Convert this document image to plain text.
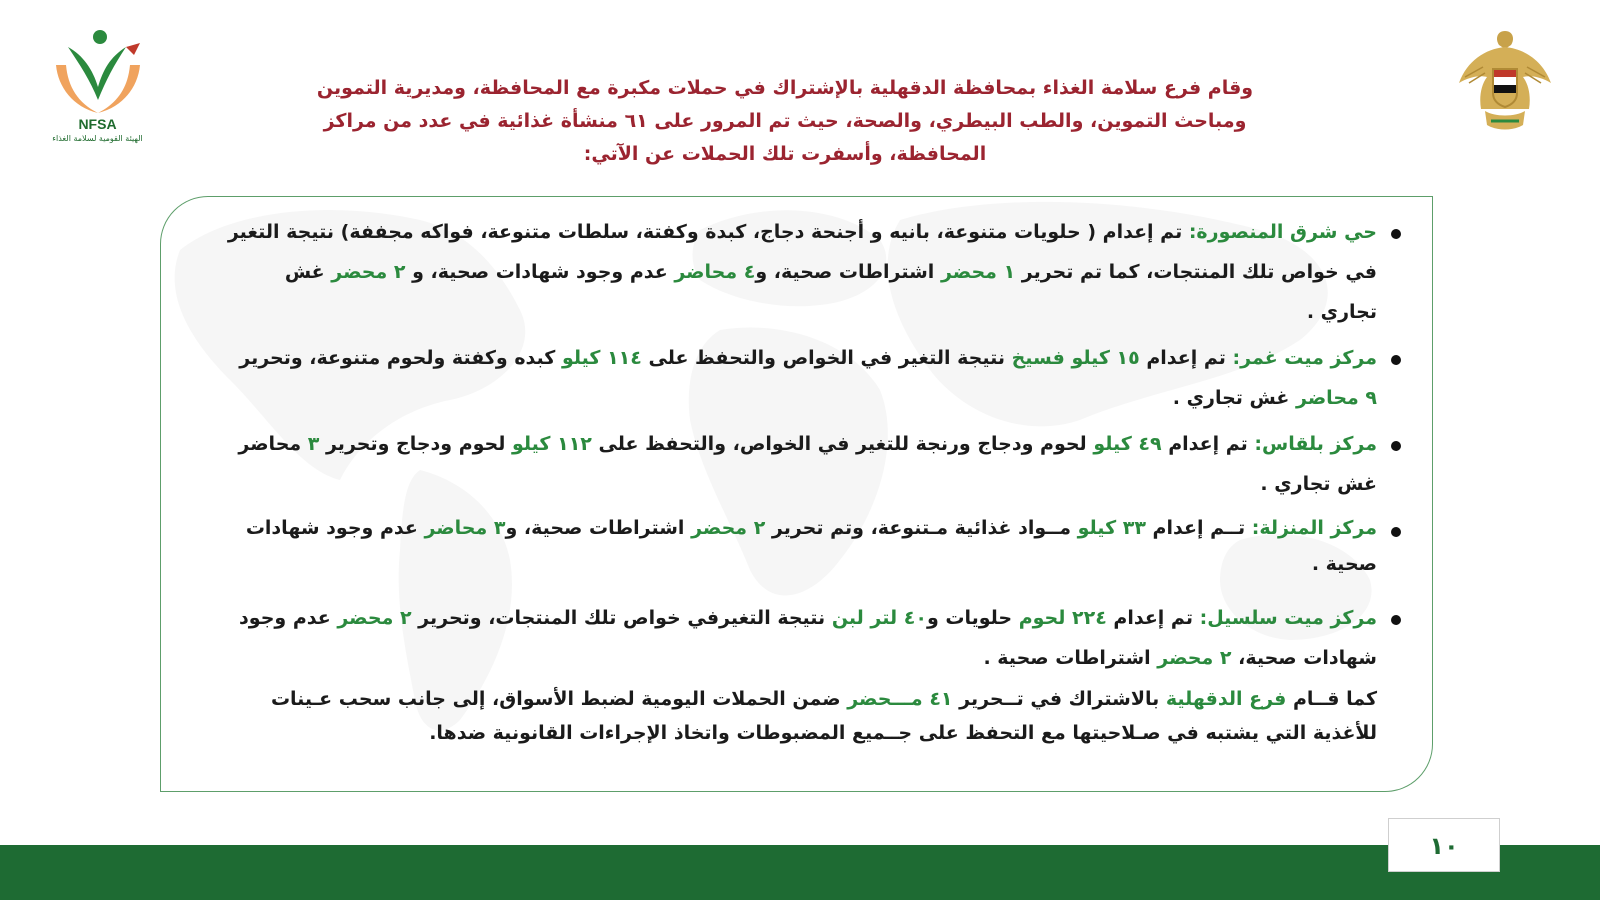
NFSA
الهيئة القومية لسلامة الغذاء
وقام فرع سلامة الغذاء بمحافظة الدقهلية بالإشتراك في حملات مكبرة مع المحافظة، ومديرية التموين
ومباحث التموين، والطب البيطري، والصحة، حيث تم المرور على ٦١ منشأة غذائية في عدد من مراكز
المحافظة، وأسفرت تلك الحملات عن الآتي:
حي شرق المنصورة: تم إعدام ( حلويات متنوعة، بانيه و أجنحة دجاج، كبدة وكفتة، سلطات متنوعة، فواكه مجففة) نتيجة التغير في خواص تلك المنتجات، كما تم تحرير ١ محضر اشتراطات صحية، و٤ محاضر عدم وجود شهادات صحية، و ٢ محضر غش تجاري .
مركز ميت غمر: تم إعدام ١٥ كيلو فسيخ نتيجة التغير في الخواص والتحفظ على ١١٤ كيلو كبده وكفتة ولحوم متنوعة، وتحرير ٩ محاضر غش تجاري .
مركز بلقاس: تم إعدام ٤٩ كيلو لحوم ودجاج ورنجة للتغير في الخواص، والتحفظ على ١١٢ كيلو لحوم ودجاج وتحرير ٣ محاضر غش تجاري .
مركز المنزلة: تــم إعدام ٣٣ كيلو مــواد غذائية مـتنوعة، وتم تحرير ٢ محضر اشتراطات صحية، و٣ محاضر عدم وجود شهادات صحية .
مركز ميت سلسيل: تم إعدام ٢٢٤ لحوم حلويات و٤٠ لتر لبن نتيجة التغيرفي خواص تلك المنتجات، وتحرير ٢ محضر عدم وجود شهادات صحية، ٢ محضر اشتراطات صحية .
كما قــام فرع الدقهلية بالاشتراك في تــحرير ٤١ مـــحضر ضمن الحملات اليومية لضبط الأسواق، إلى جانب سحب عـينات للأغذية التي يشتبه في صـلاحيتها مع التحفظ على جــميع المضبوطات واتخاذ الإجراءات القانونية ضدها.
١٠
